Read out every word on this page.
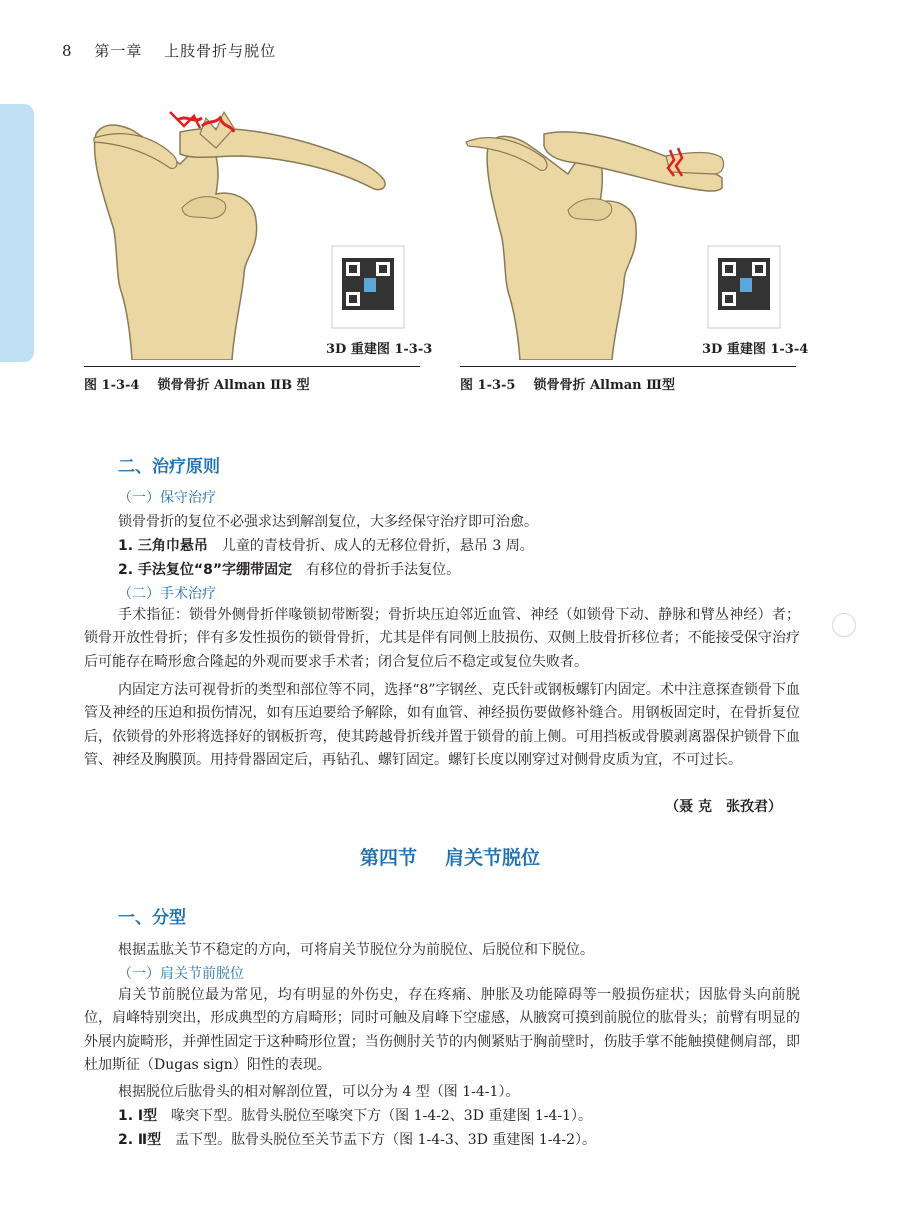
8 第一章 上肢骨折与脱位
3D 重建图 1-3-3
图 1-3-4 锁骨骨折 Allman ⅡB 型
3D 重建图 1-3-4
图 1-3-5 锁骨骨折 Allman Ⅲ型
二、治疗原则
（一）保守治疗
锁骨骨折的复位不必强求达到解剖复位，大多经保守治疗即可治愈。
1. 三角巾悬吊　 儿童的青枝骨折、成人的无移位骨折，悬吊 3 周。
2. 手法复位“8”字绷带固定　 有移位的骨折手法复位。
（二）手术治疗
手术指征：锁骨外侧骨折伴喙锁韧带断裂；骨折块压迫邻近血管、神经（如锁骨下动、静脉和臂丛神经）者；锁骨开放性骨折；伴有多发性损伤的锁骨骨折，尤其是伴有同侧上肢损伤、双侧上肢骨折移位者；不能接受保守治疗后可能存在畸形愈合隆起的外观而要求手术者；闭合复位后不稳定或复位失败者。
内固定方法可视骨折的类型和部位等不同，选择“8”字钢丝、克氏针或钢板螺钉内固定。术中注意探查锁骨下血管及神经的压迫和损伤情况，如有压迫要给予解除，如有血管、神经损伤要做修补缝合。用钢板固定时，在骨折复位后，依锁骨的外形将选择好的钢板折弯，使其跨越骨折线并置于锁骨的前上侧。可用挡板或骨膜剥离器保护锁骨下血管、神经及胸膜顶。用持骨器固定后，再钻孔、螺钉固定。螺钉长度以刚穿过对侧骨皮质为宜，不可过长。
（聂 克　张孜君）
第四节 肩关节脱位
一、分型
根据盂肱关节不稳定的方向，可将肩关节脱位分为前脱位、后脱位和下脱位。
（一）肩关节前脱位
肩关节前脱位最为常见，均有明显的外伤史，存在疼痛、肿胀及功能障碍等一般损伤症状；因肱骨头向前脱位，肩峰特别突出，形成典型的方肩畸形；同时可触及肩峰下空虚感，从腋窝可摸到前脱位的肱骨头；前臂有明显的外展内旋畸形，并弹性固定于这种畸形位置；当伤侧肘关节的内侧紧贴于胸前壁时，伤肢手掌不能触摸健侧肩部，即杜加斯征（Dugas sign）阳性的表现。
根据脱位后肱骨头的相对解剖位置，可以分为 4 型（图 1-4-1）。
1. Ⅰ型　 喙突下型。肱骨头脱位至喙突下方（图 1-4-2、3D 重建图 1-4-1）。
2. Ⅱ型　 盂下型。肱骨头脱位至关节盂下方（图 1-4-3、3D 重建图 1-4-2）。
